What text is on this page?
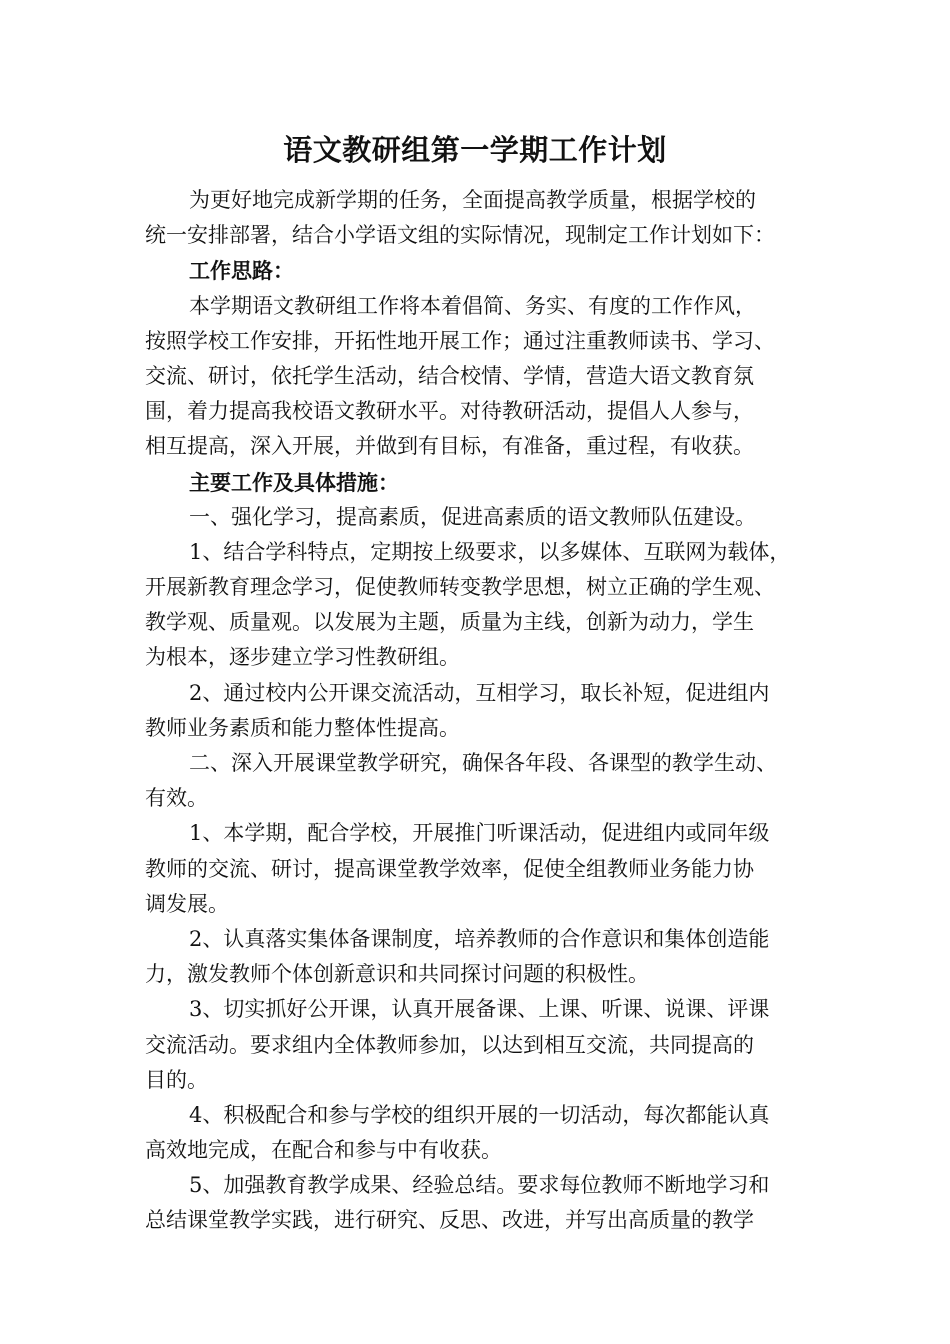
语文教研组第一学期工作计划
为更好地完成新学期的任务，全面提高教学质量，根据学校的
统一安排部署，结合小学语文组的实际情况，现制定工作计划如下：
工作思路：
本学期语文教研组工作将本着倡简、务实、有度的工作作风，
按照学校工作安排，开拓性地开展工作；通过注重教师读书、学习、
交流、研讨，依托学生活动，结合校情、学情，营造大语文教育氛
围，着力提高我校语文教研水平。对待教研活动，提倡人人参与，
相互提高，深入开展，并做到有目标，有准备，重过程，有收获。
主要工作及具体措施：
一、强化学习，提高素质，促进高素质的语文教师队伍建设。
1、结合学科特点，定期按上级要求，以多媒体、互联网为载体，
开展新教育理念学习，促使教师转变教学思想，树立正确的学生观、
教学观、质量观。以发展为主题，质量为主线，创新为动力，学生
为根本，逐步建立学习性教研组。
2、通过校内公开课交流活动，互相学习，取长补短，促进组内
教师业务素质和能力整体性提高。
二、深入开展课堂教学研究，确保各年段、各课型的教学生动、
有效。
1、本学期，配合学校，开展推门听课活动，促进组内或同年级
教师的交流、研讨，提高课堂教学效率，促使全组教师业务能力协
调发展。
2、认真落实集体备课制度，培养教师的合作意识和集体创造能
力，激发教师个体创新意识和共同探讨问题的积极性。
3、切实抓好公开课，认真开展备课、上课、听课、说课、评课
交流活动。要求组内全体教师参加，以达到相互交流，共同提高的
目的。
4、积极配合和参与学校的组织开展的一切活动，每次都能认真
高效地完成，在配合和参与中有收获。
5、加强教育教学成果、经验总结。要求每位教师不断地学习和
总结课堂教学实践，进行研究、反思、改进，并写出高质量的教学
